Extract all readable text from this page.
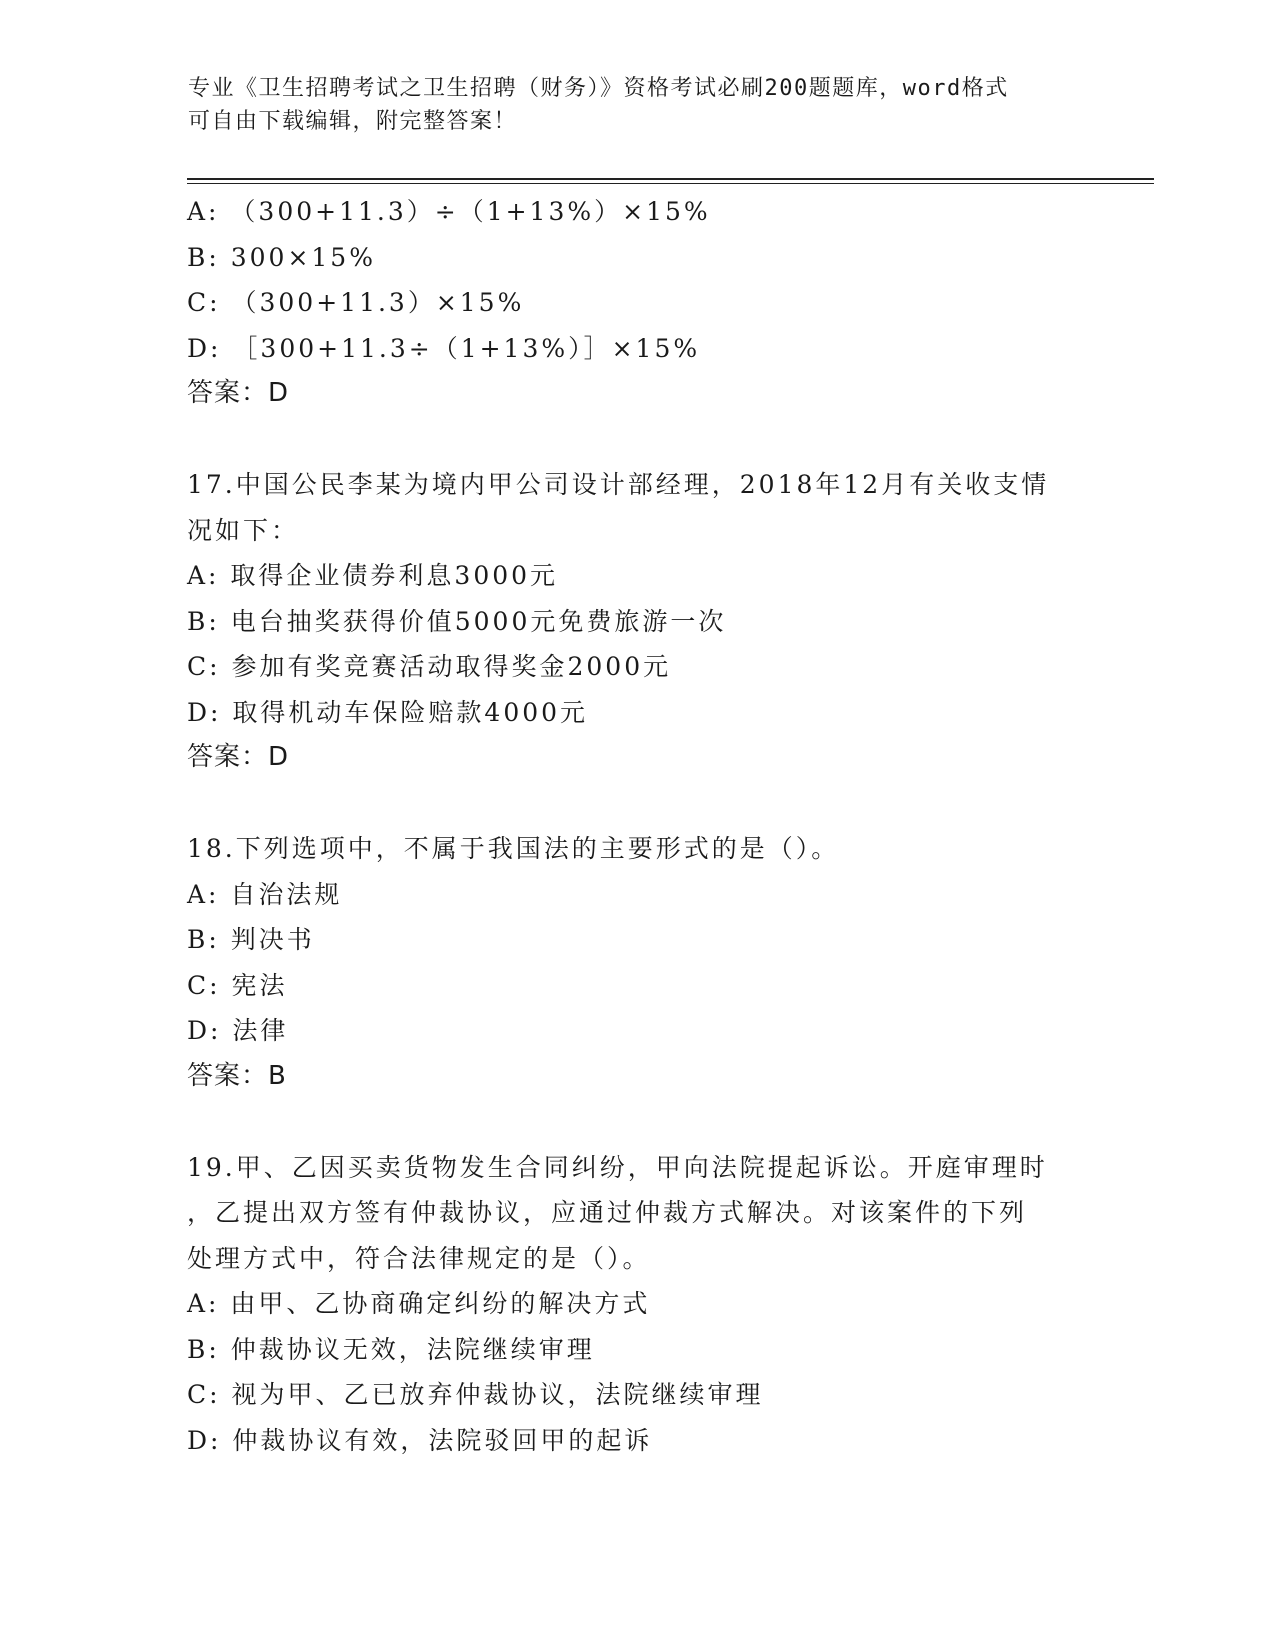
专业《卫生招聘考试之卫生招聘（财务）》资格考试必刷200题题库，word格式
可自由下载编辑，附完整答案！
A: （300+11.3）÷（1+13%）×15%
B: 300×15%
C: （300+11.3）×15%
D: ［300+11.3÷（1+13%）］×15%
答案：D
17.中国公民李某为境内甲公司设计部经理，2018年12月有关收支情
况如下：
A: 取得企业债券利息3000元
B: 电台抽奖获得价值5000元免费旅游一次
C: 参加有奖竞赛活动取得奖金2000元
D: 取得机动车保险赔款4000元
答案：D
18.下列选项中，不属于我国法的主要形式的是（）。
A: 自治法规
B: 判决书
C: 宪法
D: 法律
答案：B
19.甲、乙因买卖货物发生合同纠纷，甲向法院提起诉讼。开庭审理时
，乙提出双方签有仲裁协议，应通过仲裁方式解决。对该案件的下列
处理方式中，符合法律规定的是（）。
A: 由甲、乙协商确定纠纷的解决方式
B: 仲裁协议无效，法院继续审理
C: 视为甲、乙已放弃仲裁协议，法院继续审理
D: 仲裁协议有效，法院驳回甲的起诉
